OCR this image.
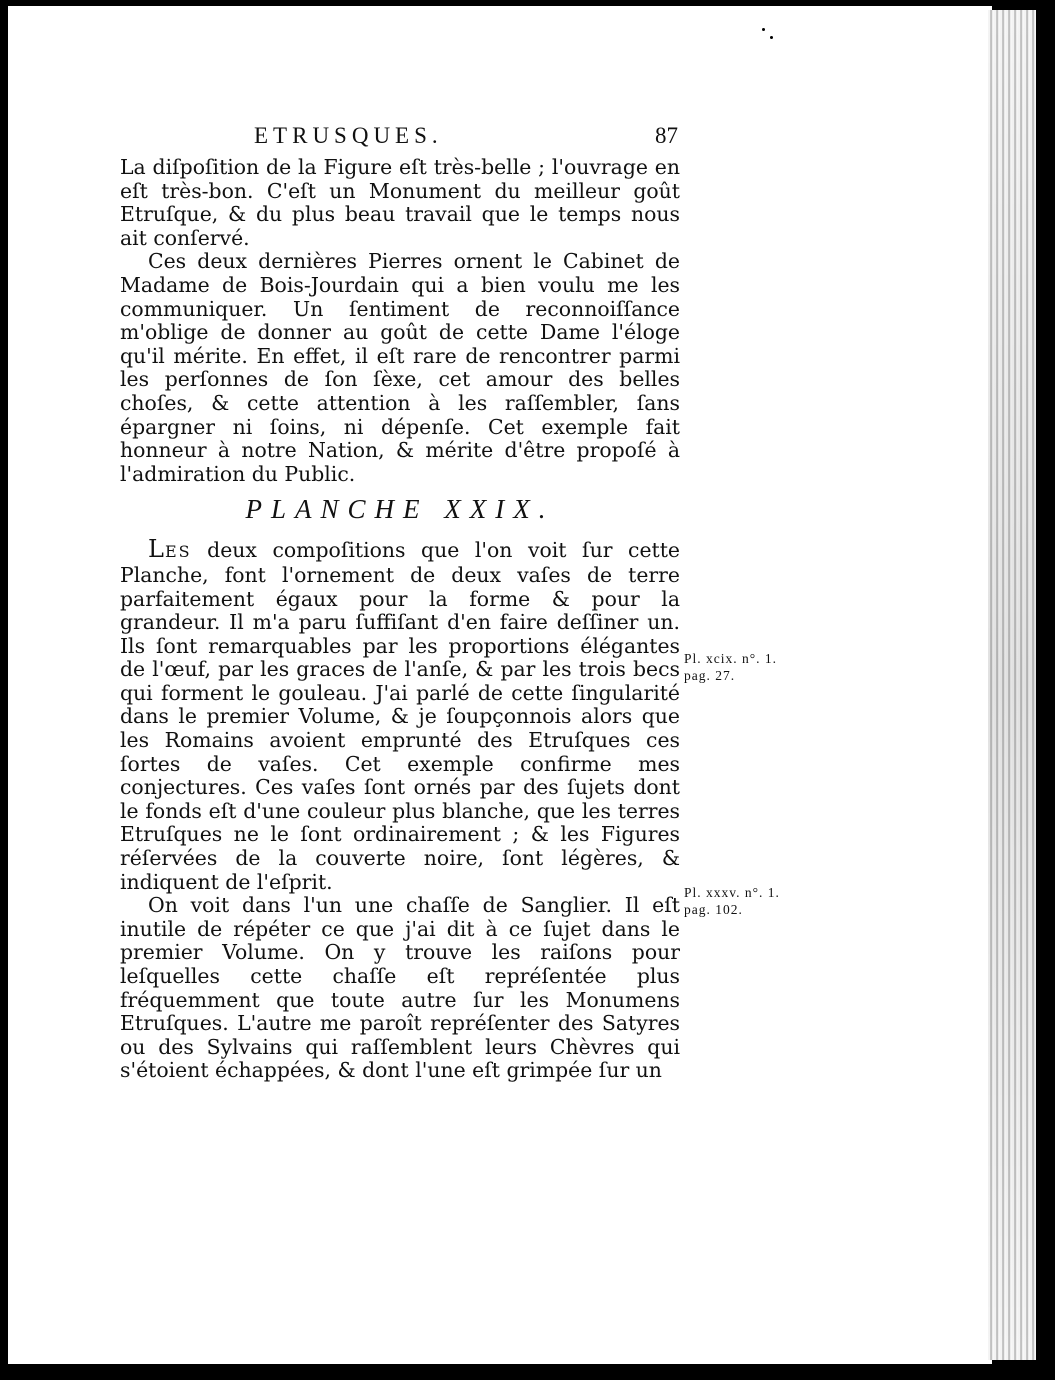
ETRUSQUES.	87

La diſpoſition de la Figure eſt très-belle ; l'ouvrage en eſt très-bon. C'eſt un Monument du meilleur goût Etruſque, & du plus beau travail que le temps nous ait conſervé.

Ces deux dernières Pierres ornent le Cabinet de Madame de Bois-Jourdain qui a bien voulu me les communiquer. Un ſentiment de reconnoiſſance m'oblige de donner au goût de cette Dame l'éloge qu'il mérite. En effet, il eſt rare de rencontrer parmi les perſonnes de ſon ſèxe, cet amour des belles choſes, & cette attention à les raſſembler, ſans épargner ni ſoins, ni dépenſe. Cet exemple fait honneur à notre Nation, & mérite d'être propoſé à l'admiration du Public.

PLANCHE XXIX.

LES deux compoſitions que l'on voit ſur cette Planche, font l'ornement de deux vaſes de terre parfaitement égaux pour la forme & pour la grandeur. Il m'a paru ſuffiſant d'en faire deſſiner un. Ils ſont remarquables par les proportions élégantes de l'œuf, par les graces de l'anſe, & par les trois becs qui forment le gouleau. J'ai parlé de cette ſingularité dans le premier Volume, & je ſoupçonnois alors que les Romains avoient emprunté des Etruſques ces ſortes de vaſes. Cet exemple confirme mes conjectures. Ces vaſes ſont ornés par des ſujets dont le fonds eſt d'une couleur plus blanche, que les terres Etruſques ne le ſont ordinairement ; & les Figures réſervées de la couverte noire, ſont légères, & indiquent de l'eſprit.

On voit dans l'un une chaſſe de Sanglier. Il eſt inutile de répéter ce que j'ai dit à ce ſujet dans le premier Volume. On y trouve les raiſons pour leſquelles cette chaſſe eſt repréſentée plus fréquemment que toute autre ſur les Monumens Etruſques. L'autre me paroît repréſenter des Satyres ou des Sylvains qui raſſemblent leurs Chèvres qui s'étoient échappées, & dont l'une eſt grimpée ſur un

Pl. xcix. n°. 1.
pag. 27.
Pl. xxxv. n°. 1.
pag. 102.
